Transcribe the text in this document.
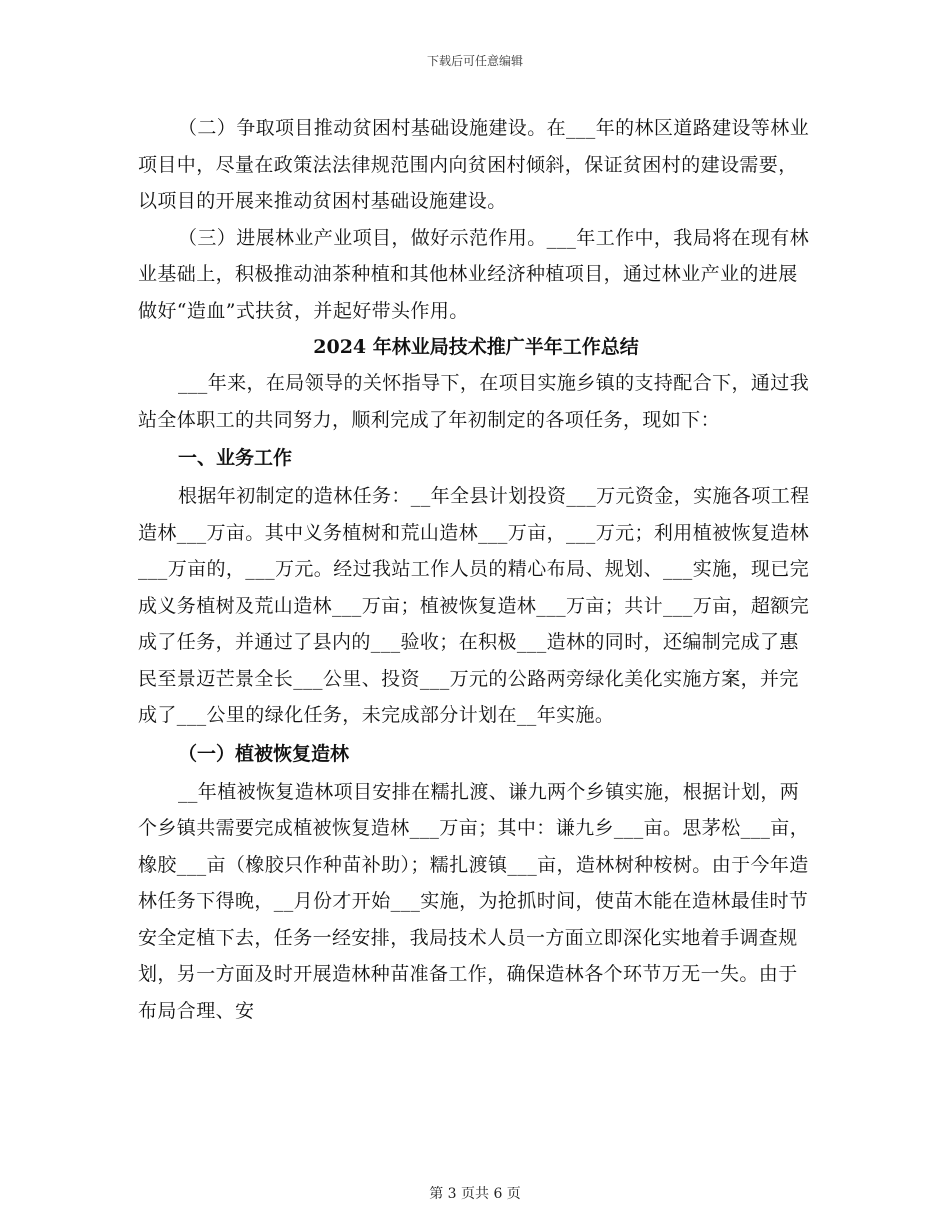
下载后可任意编辑

（二）争取项目推动贫困村基础设施建设。在___年的林区道路建设等林业项目中，尽量在政策法法律规范围内向贫困村倾斜，保证贫困村的建设需要，以项目的开展来推动贫困村基础设施建设。

（三）进展林业产业项目，做好示范作用。___年工作中，我局将在现有林业基础上，积极推动油茶种植和其他林业经济种植项目，通过林业产业的进展做好“造血”式扶贫，并起好带头作用。

2024 年林业局技术推广半年工作总结

___年来，在局领导的关怀指导下，在项目实施乡镇的支持配合下，通过我站全体职工的共同努力，顺利完成了年初制定的各项任务，现如下：

一、业务工作

根据年初制定的造林任务：__年全县计划投资___万元资金，实施各项工程造林___万亩。其中义务植树和荒山造林___万亩，___万元；利用植被恢复造林___万亩的，___万元。经过我站工作人员的精心布局、规划、___实施，现已完成义务植树及荒山造林___万亩；植被恢复造林___万亩；共计___万亩，超额完成了任务，并通过了县内的___验收；在积极___造林的同时，还编制完成了惠民至景迈芒景全长___公里、投资___万元的公路两旁绿化美化实施方案，并完成了___公里的绿化任务，未完成部分计划在__年实施。

（一）植被恢复造林

__年植被恢复造林项目安排在糯扎渡、谦九两个乡镇实施，根据计划，两个乡镇共需要完成植被恢复造林___万亩；其中：谦九乡___亩。思茅松___亩，橡胶___亩（橡胶只作种苗补助）；糯扎渡镇___亩，造林树种桉树。由于今年造林任务下得晚，__月份才开始___实施，为抢抓时间，使苗木能在造林最佳时节安全定植下去，任务一经安排，我局技术人员一方面立即深化实地着手调查规划，另一方面及时开展造林种苗准备工作，确保造林各个环节万无一失。由于布局合理、安

第 3 页共 6 页
